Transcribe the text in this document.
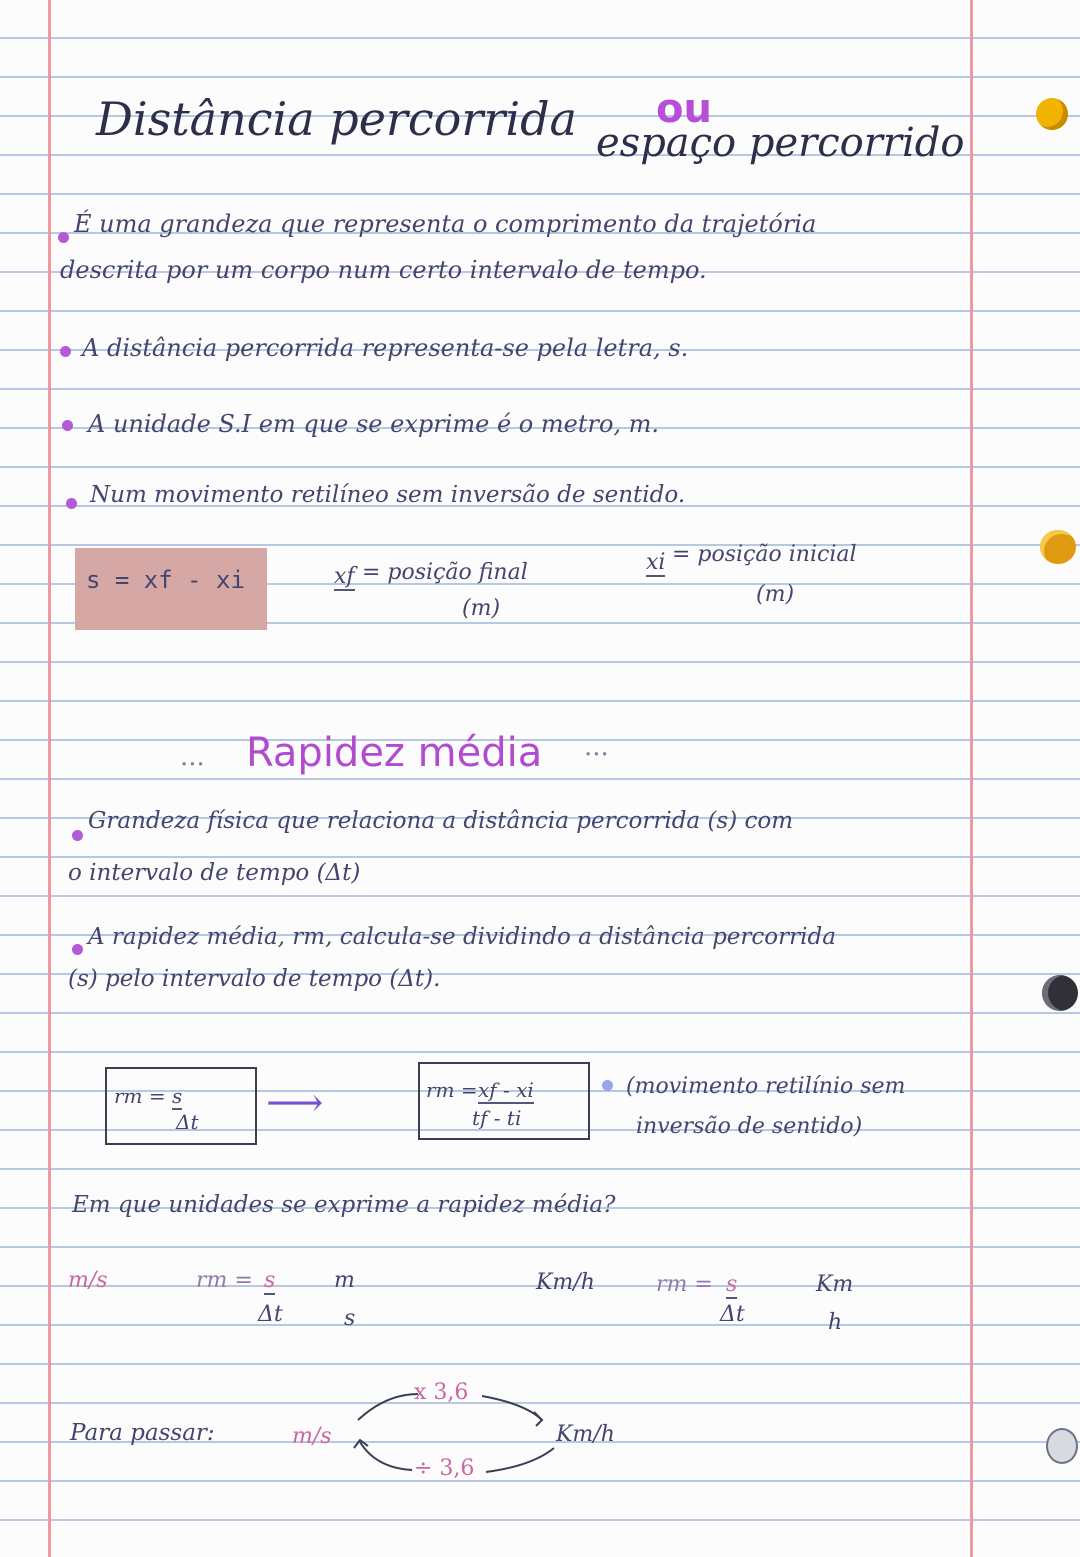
Distância percorrida ou
espaço percorrido
É uma grandeza que representa o comprimento da trajetória
descrita por um corpo num certo intervalo de tempo.
A distância percorrida representa-se pela letra, s.
A unidade S.I em que se exprime é o metro, m.
Num movimento retilíneo sem inversão de sentido.
s = xf - xi	xf = posição final
(m)
xi = posição inicial
(m)
... Rapidez média ...
Grandeza física que relaciona a distância percorrida (s) com
o intervalo de tempo (Δt)
A rapidez média, rm, calcula-se dividindo a distância percorrida
(s) pelo intervalo de tempo (Δt).
rm = s
Δt ⟶	rm = xf - xi
tf - ti
(movimento retilínio sem
inversão de sentido)
Em que unidades se exprime a rapidez média?
m/s	rm = s	m
Δt	s
Km/h	rm = s	Km
Δt	h
Para passar:	m/s
x 3,6
Km/h
÷ 3,6
